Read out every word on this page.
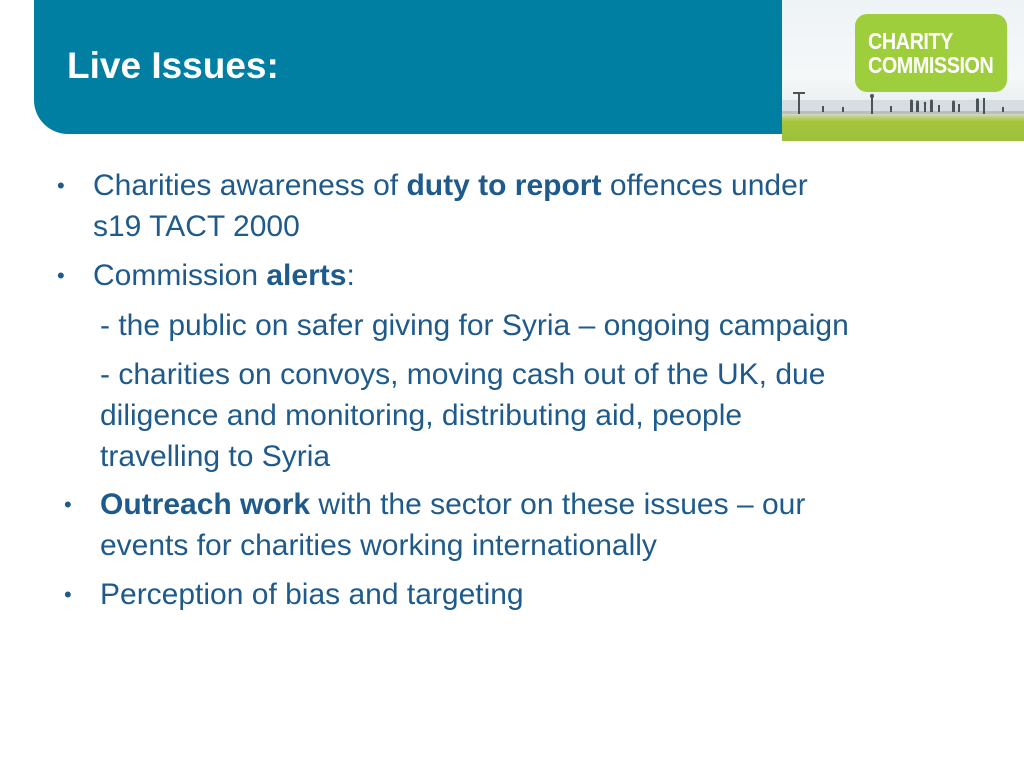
Live Issues:

CHARITY

COMMISSION

• Charities awareness of duty to report offences under

s19 TACT 2000

• Commission alerts:

- the public on safer giving for Syria – ongoing campaign

- charities on convoys, moving cash out of the UK, due

diligence and monitoring, distributing aid, people

travelling to Syria

• Outreach work with the sector on these issues – our

events for charities working internationally

• Perception of bias and targeting
